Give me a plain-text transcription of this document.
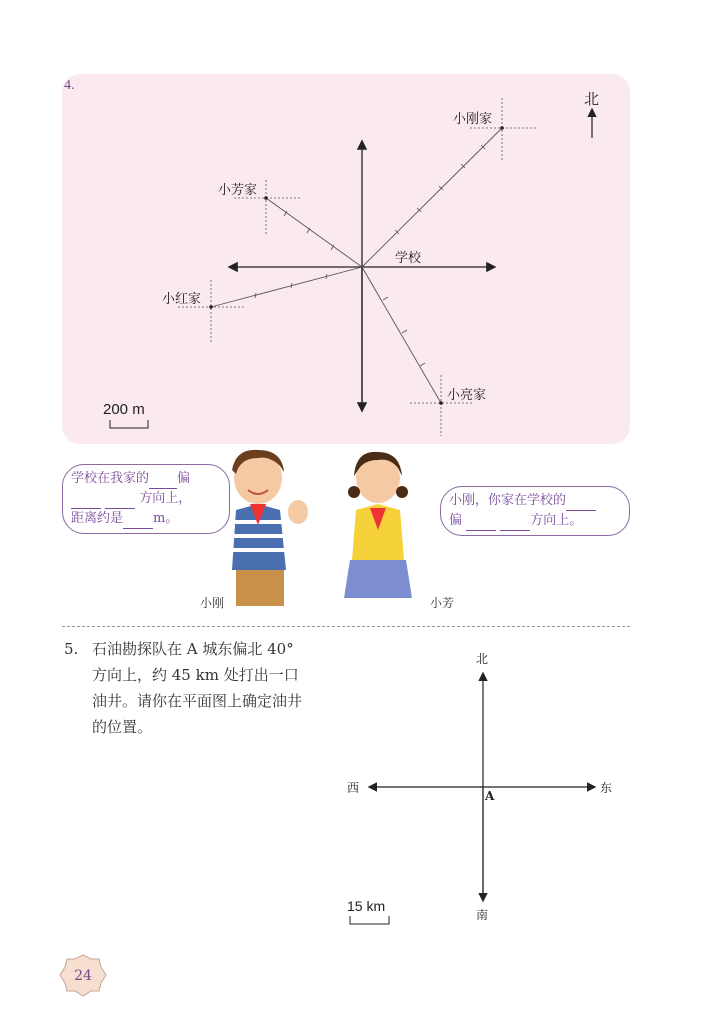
4.
北
小刚家
小芳家
学校
小红家
小亮家
200 m
学校在我家的 偏
方向上，
距离约是 m。
小刚，你家在学校的
偏	方向上。
小刚	小芳
5. 石油勘探队在 A 城东偏北 40° 方向上，约 45 km 处打出一口油井。请你在平面图上确定油井的位置。
北
南
东
西
A
15 km
24
